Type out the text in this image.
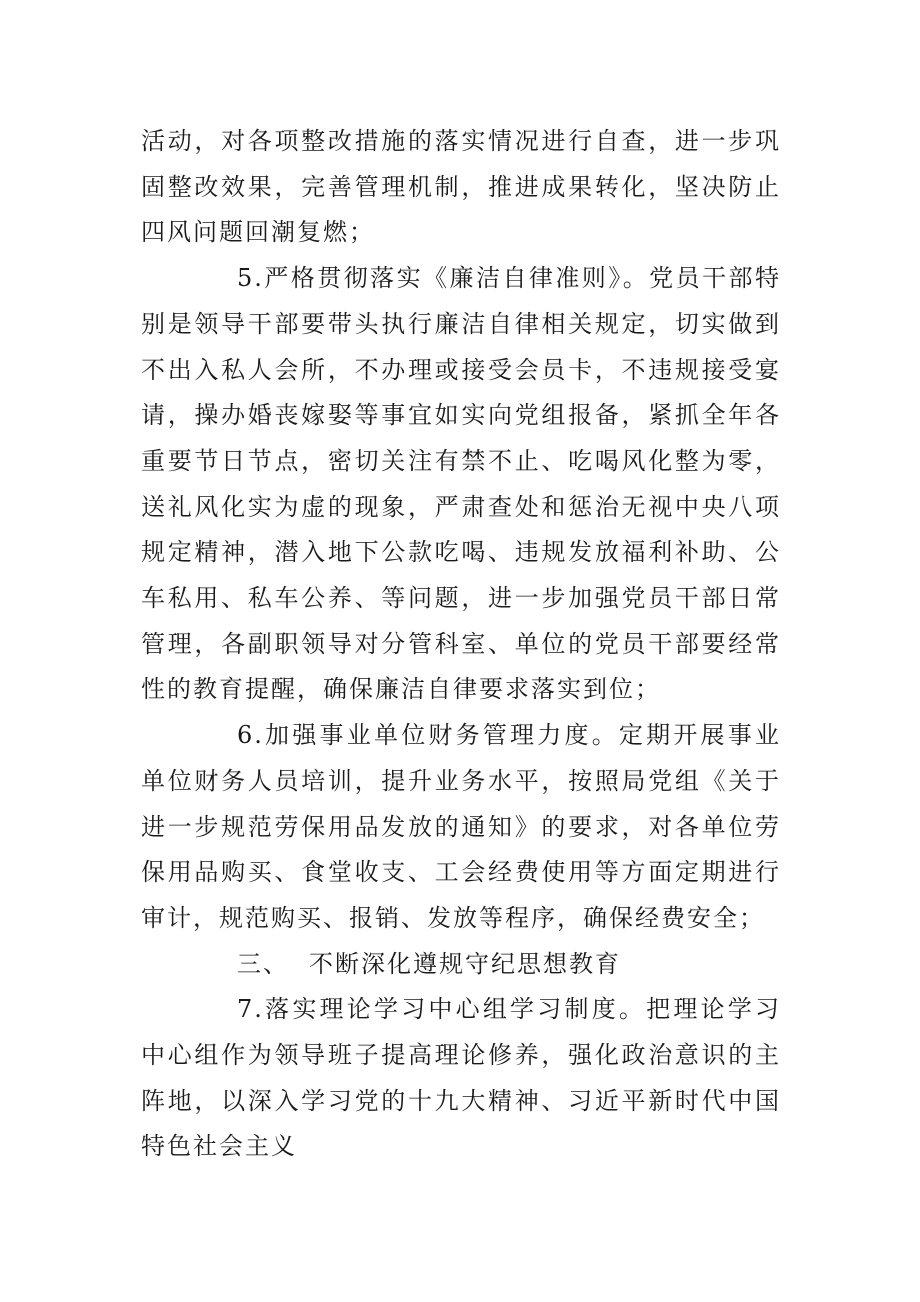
活动，对各项整改措施的落实情况进行自查，进一步巩固整改效果，完善管理机制，推进成果转化，坚决防止四风问题回潮复燃；

5.严格贯彻落实《廉洁自律准则》。党员干部特别是领导干部要带头执行廉洁自律相关规定，切实做到不出入私人会所，不办理或接受会员卡，不违规接受宴请，操办婚丧嫁娶等事宜如实向党组报备，紧抓全年各重要节日节点，密切关注有禁不止、吃喝风化整为零，送礼风化实为虚的现象，严肃查处和惩治无视中央八项规定精神，潜入地下公款吃喝、违规发放福利补助、公车私用、私车公养、等问题，进一步加强党员干部日常管理，各副职领导对分管科室、单位的党员干部要经常性的教育提醒，确保廉洁自律要求落实到位；

6.加强事业单位财务管理力度。定期开展事业单位财务人员培训，提升业务水平，按照局党组《关于进一步规范劳保用品发放的通知》的要求，对各单位劳保用品购买、食堂收支、工会经费使用等方面定期进行审计，规范购买、报销、发放等程序，确保经费安全；

三、 不断深化遵规守纪思想教育

7.落实理论学习中心组学习制度。把理论学习中心组作为领导班子提高理论修养，强化政治意识的主阵地，以深入学习党的十九大精神、习近平新时代中国特色社会主义
